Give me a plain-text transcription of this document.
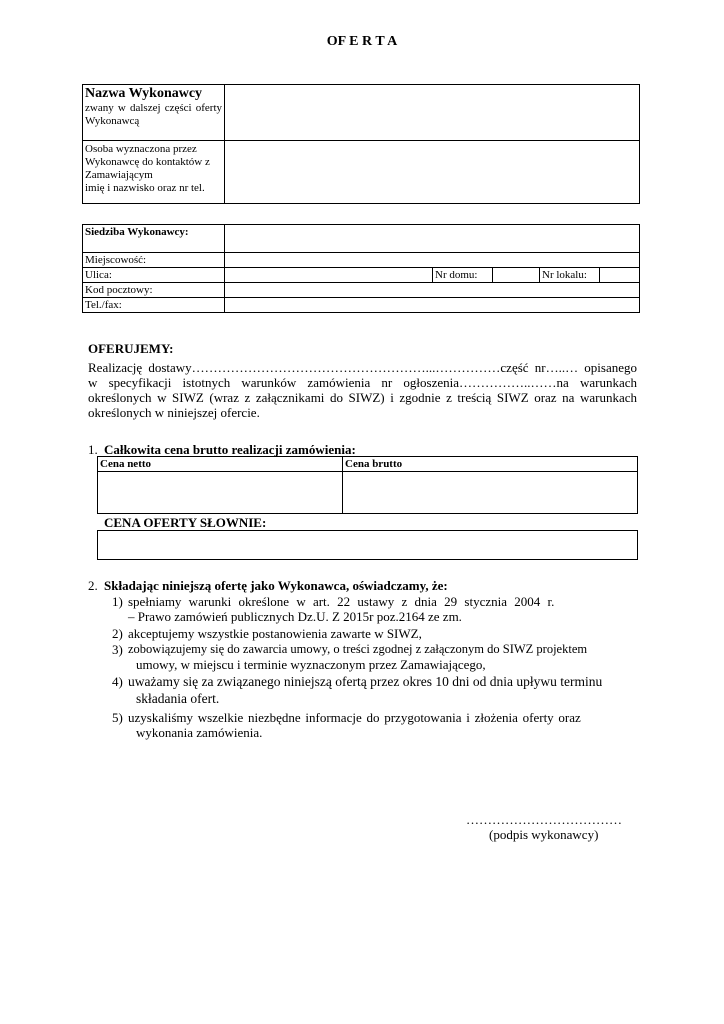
OF E R T A
Nazwa Wykonawcy
zwany w dalszej części oferty Wykonawcą	

Osoba wyznaczona przez Wykonawcę do kontaktów z Zamawiającym
imię i nazwisko oraz nr tel.	

Siedziba Wykonawcy:					
Miejscowość:					
Ulica:		Nr domu:		Nr lokalu:	
Kod pocztowy:					
Tel./fax:					
OFERUJEMY:
Realizację dostawy………………………………………………...……………część nr…..… opisanego w specyfikacji istotnych warunków zamówienia nr ogłoszenia……………..……na warunkach określonych w SIWZ (wraz z załącznikami do SIWZ) i zgodnie z treścią SIWZ oraz na warunkach określonych w niniejszej ofercie.
1. Całkowita cena brutto realizacji zamówienia:
Cena netto	Cena brutto

CENA OFERTY SŁOWNIE:
2. Składając niniejszą ofertę jako Wykonawca, oświadczamy, że:
1) spełniamy warunki określone w art. 22 ustawy z dnia 29 stycznia 2004 r.
– Prawo zamówień publicznych Dz.U. Z 2015r poz.2164 ze zm.
2) akceptujemy wszystkie postanowienia zawarte w SIWZ,
3) zobowiązujemy się do zawarcia umowy, o treści zgodnej z załączonym do SIWZ projektem
umowy, w miejscu i terminie wyznaczonym przez Zamawiającego,
4) uważamy się za związanego niniejszą ofertą przez okres 10 dni od dnia upływu terminu
składania ofert.
5) uzyskaliśmy wszelkie niezbędne informacje do przygotowania i złożenia oferty oraz
wykonania zamówienia.
………………………………
(podpis wykonawcy)
